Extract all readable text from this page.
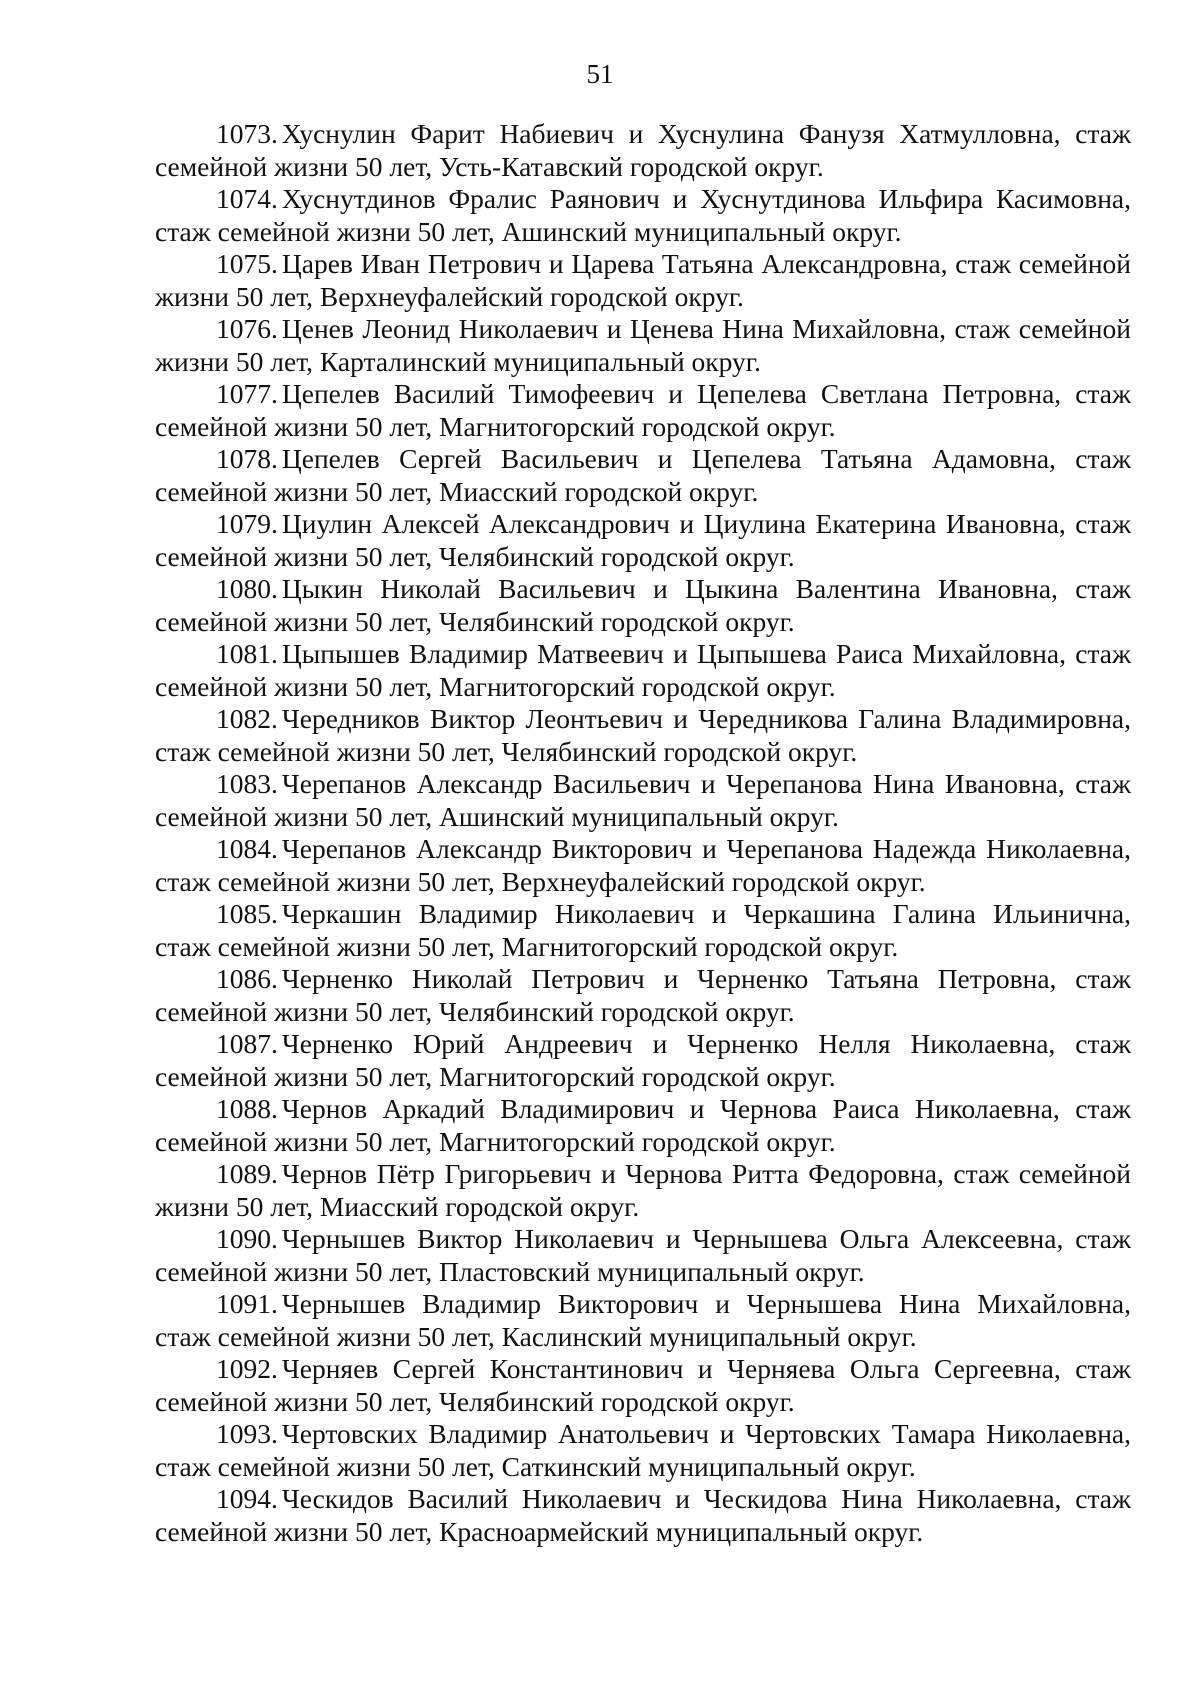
51
1073. Хуснулин Фарит Набиевич и Хуснулина Фанузя Хатмулловна, стаж семейной жизни 50 лет, Усть-Катавский городской округ.
1074. Хуснутдинов Фралис Раянович и Хуснутдинова Ильфира Касимовна, стаж семейной жизни 50 лет, Ашинский муниципальный округ.
1075. Царев Иван Петрович и Царева Татьяна Александровна, стаж семейной жизни 50 лет, Верхнеуфалейский городской округ.
1076. Ценев Леонид Николаевич и Ценева Нина Михайловна, стаж семейной жизни 50 лет, Карталинский муниципальный округ.
1077. Цепелев Василий Тимофеевич и Цепелева Светлана Петровна, стаж семейной жизни 50 лет, Магнитогорский городской округ.
1078. Цепелев Сергей Васильевич и Цепелева Татьяна Адамовна, стаж семейной жизни 50 лет, Миасский городской округ.
1079. Циулин Алексей Александрович и Циулина Екатерина Ивановна, стаж семейной жизни 50 лет, Челябинский городской округ.
1080. Цыкин Николай Васильевич и Цыкина Валентина Ивановна, стаж семейной жизни 50 лет, Челябинский городской округ.
1081. Цыпышев Владимир Матвеевич и Цыпышева Раиса Михайловна, стаж семейной жизни 50 лет, Магнитогорский городской округ.
1082. Чередников Виктор Леонтьевич и Чередникова Галина Владимировна, стаж семейной жизни 50 лет, Челябинский городской округ.
1083. Черепанов Александр Васильевич и Черепанова Нина Ивановна, стаж семейной жизни 50 лет, Ашинский муниципальный округ.
1084. Черепанов Александр Викторович и Черепанова Надежда Николаевна, стаж семейной жизни 50 лет, Верхнеуфалейский городской округ.
1085. Черкашин Владимир Николаевич и Черкашина Галина Ильинична, стаж семейной жизни 50 лет, Магнитогорский городской округ.
1086. Черненко Николай Петрович и Черненко Татьяна Петровна, стаж семейной жизни 50 лет, Челябинский городской округ.
1087. Черненко Юрий Андреевич и Черненко Нелля Николаевна, стаж семейной жизни 50 лет, Магнитогорский городской округ.
1088. Чернов Аркадий Владимирович и Чернова Раиса Николаевна, стаж семейной жизни 50 лет, Магнитогорский городской округ.
1089. Чернов Пётр Григорьевич и Чернова Ритта Федоровна, стаж семейной жизни 50 лет, Миасский городской округ.
1090. Чернышев Виктор Николаевич и Чернышева Ольга Алексеевна, стаж семейной жизни 50 лет, Пластовский муниципальный округ.
1091. Чернышев Владимир Викторович и Чернышева Нина Михайловна, стаж семейной жизни 50 лет, Каслинский муниципальный округ.
1092. Черняев Сергей Константинович и Черняева Ольга Сергеевна, стаж семейной жизни 50 лет, Челябинский городской округ.
1093. Чертовских Владимир Анатольевич и Чертовских Тамара Николаевна, стаж семейной жизни 50 лет, Саткинский муниципальный округ.
1094. Ческидов Василий Николаевич и Ческидова Нина Николаевна, стаж семейной жизни 50 лет, Красноармейский муниципальный округ.
